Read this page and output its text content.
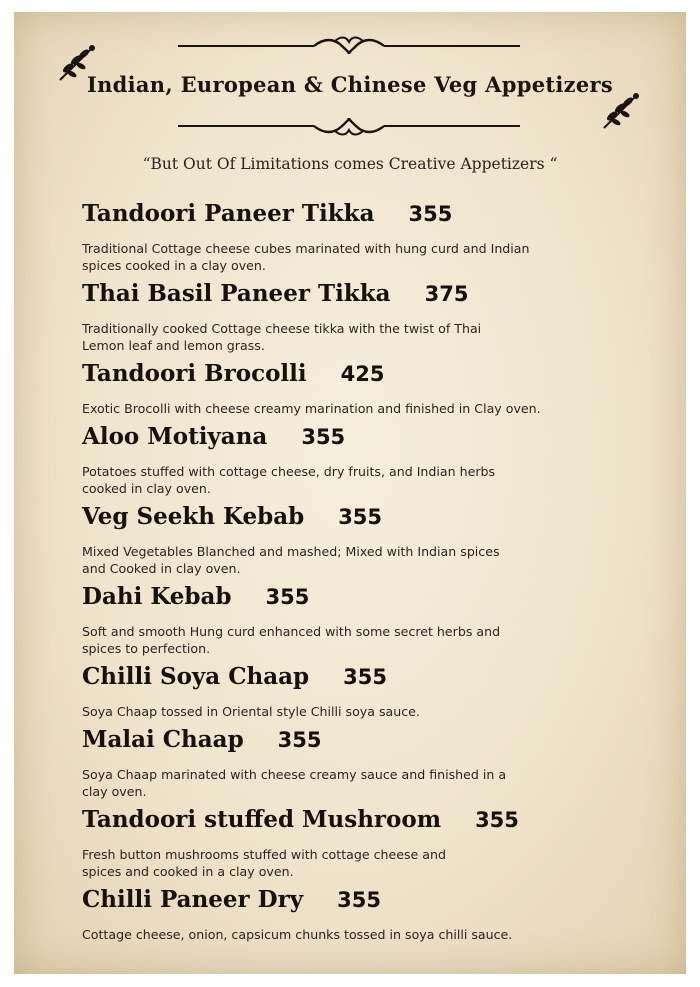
Indian, European & Chinese Veg Appetizers
“But Out Of Limitations comes Creative Appetizers “
Tandoori Paneer Tikka 355
Traditional Cottage cheese cubes marinated with hung curd and Indian
spices cooked in a clay oven.
Thai Basil Paneer Tikka 375
Traditionally cooked Cottage cheese tikka with the twist of Thai
Lemon leaf and lemon grass.
Tandoori Brocolli 425
Exotic Brocolli with cheese creamy marination and finished in Clay oven.
Aloo Motiyana 355
Potatoes stuffed with cottage cheese, dry fruits, and Indian herbs
cooked in clay oven.
Veg Seekh Kebab 355
Mixed Vegetables Blanched and mashed; Mixed with Indian spices
and Cooked in clay oven.
Dahi Kebab 355
Soft and smooth Hung curd enhanced with some secret herbs and
spices to perfection.
Chilli Soya Chaap 355
Soya Chaap tossed in Oriental style Chilli soya sauce.
Malai Chaap 355
Soya Chaap marinated with cheese creamy sauce and finished in a
clay oven.
Tandoori stuffed Mushroom 355
Fresh button mushrooms stuffed with cottage cheese and
spices and cooked in a clay oven.
Chilli Paneer Dry 355
Cottage cheese, onion, capsicum chunks tossed in soya chilli sauce.
